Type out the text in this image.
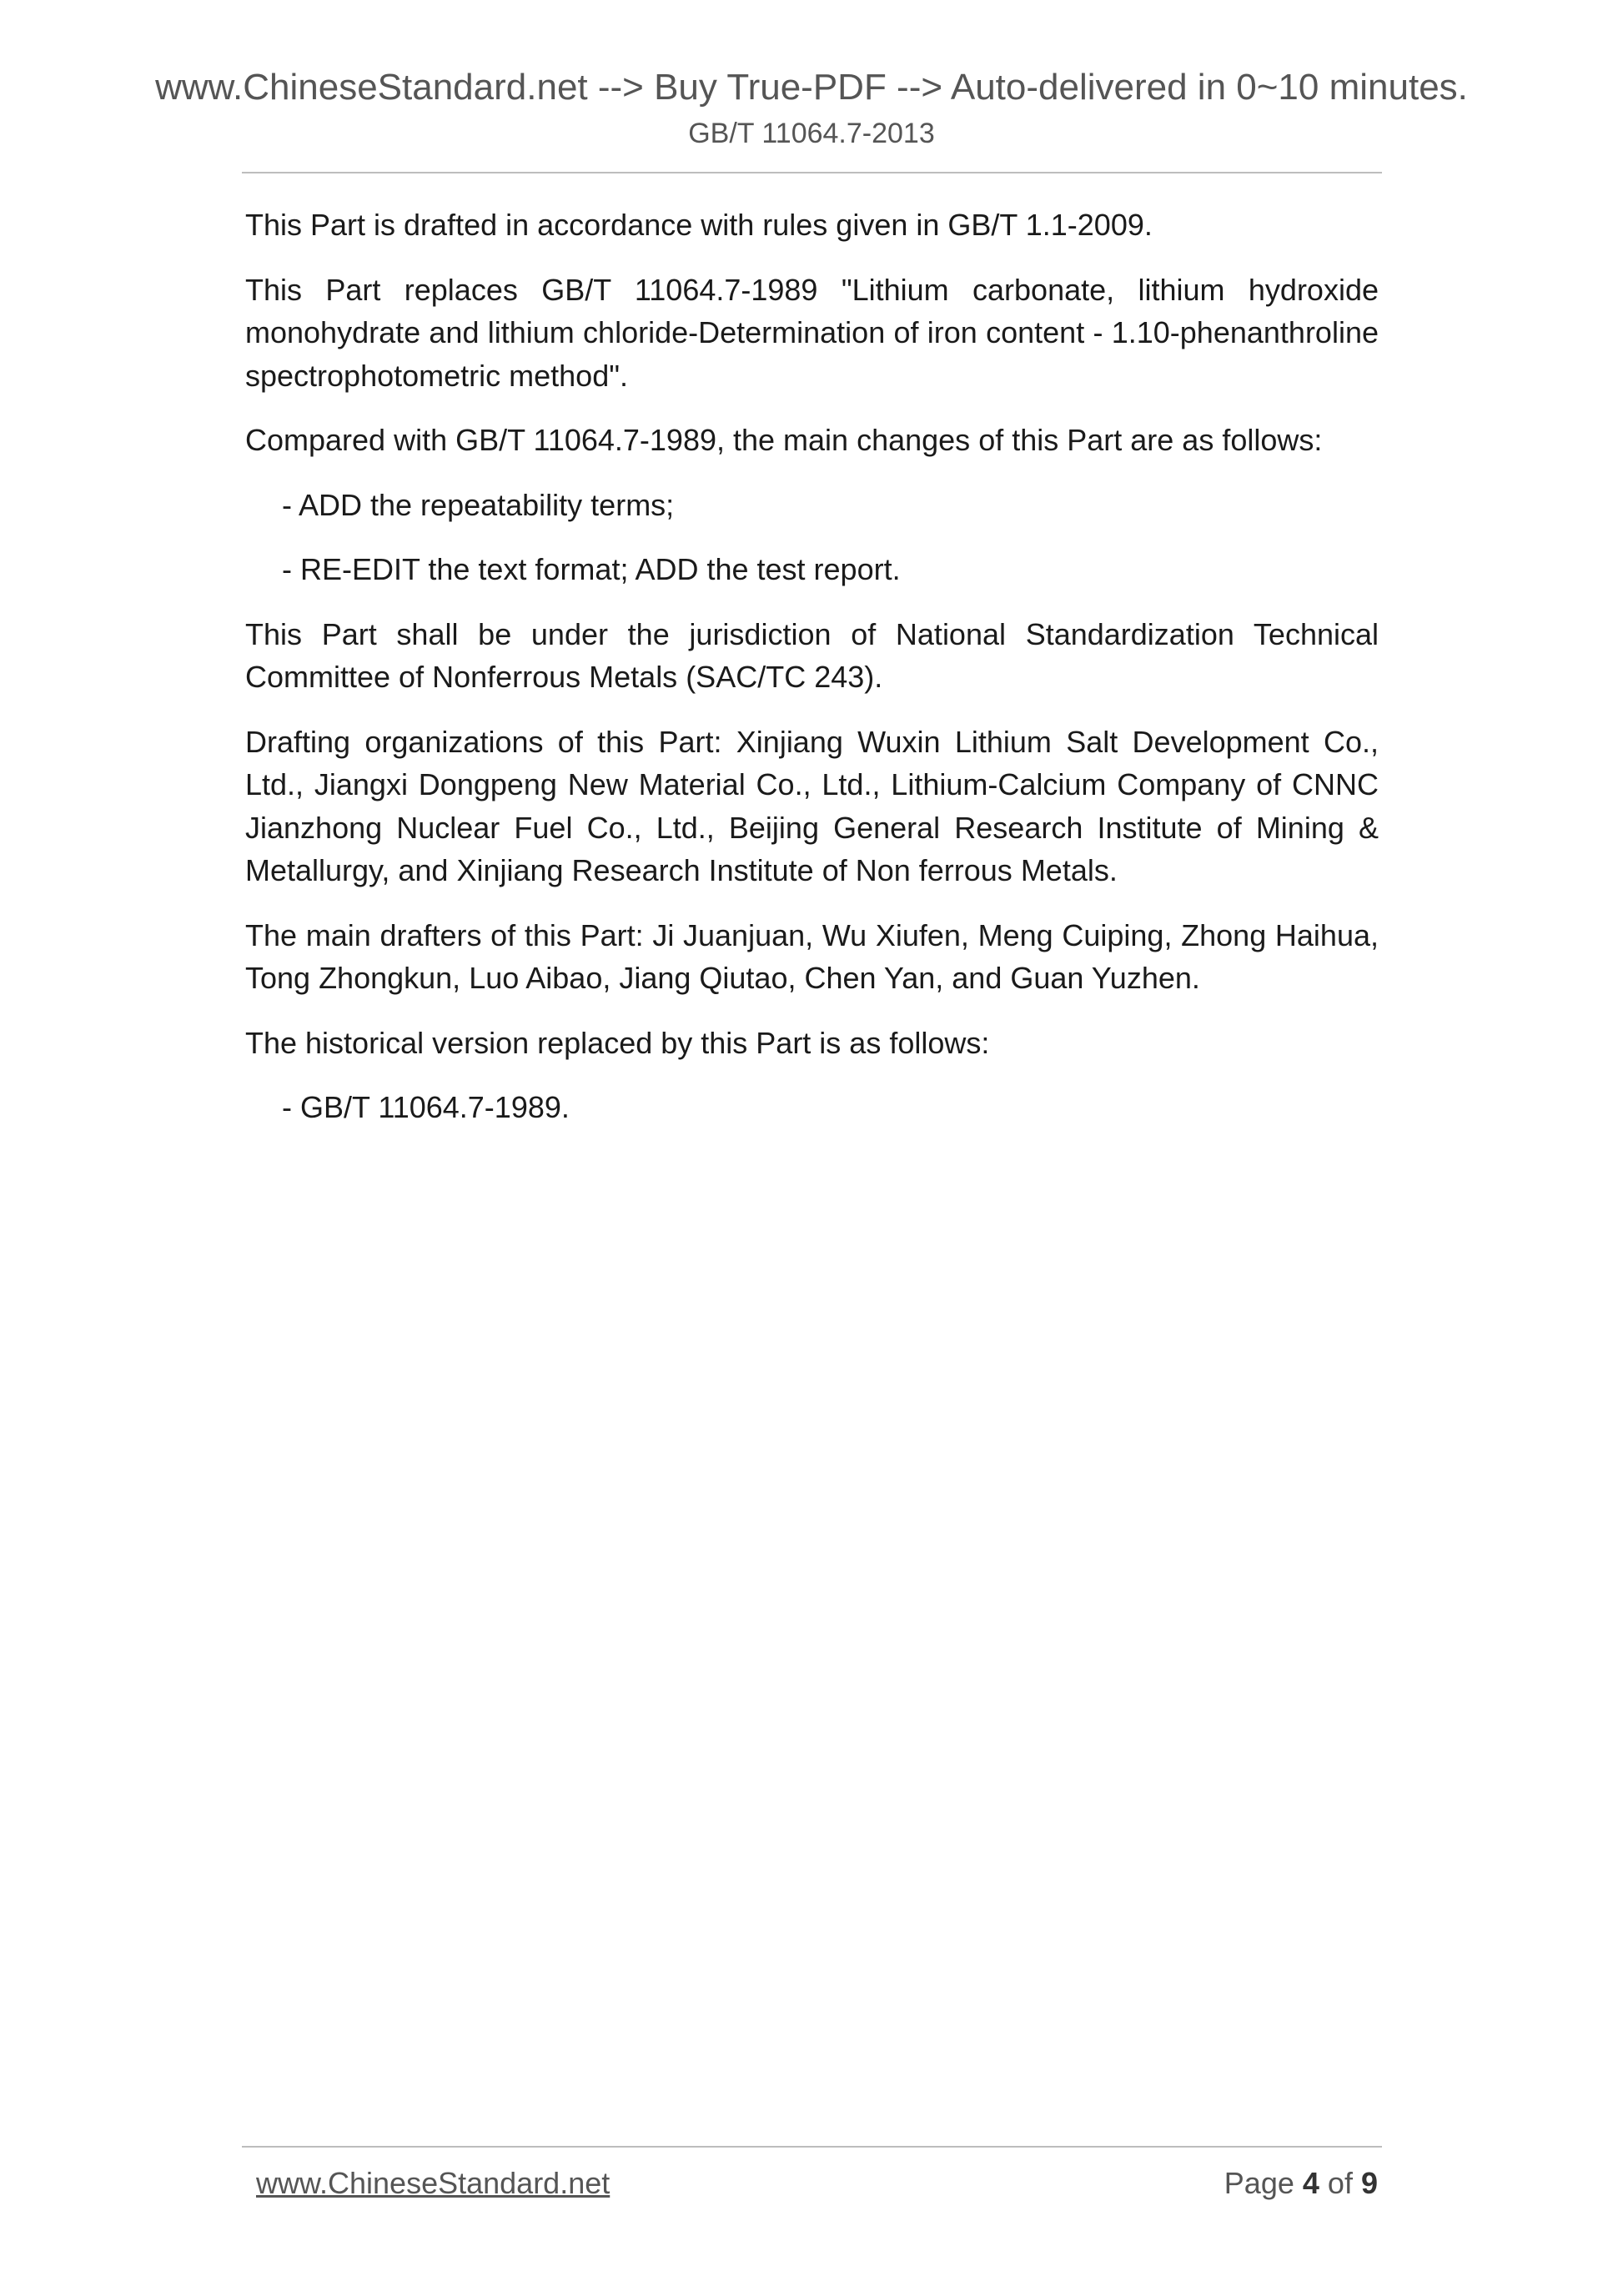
www.ChineseStandard.net --> Buy True-PDF --> Auto-delivered in 0~10 minutes.
GB/T 11064.7-2013

This Part is drafted in accordance with rules given in GB/T 1.1-2009.

This Part replaces GB/T 11064.7-1989 "Lithium carbonate, lithium hydroxide monohydrate and lithium chloride-Determination of iron content - 1.10-phenanthroline spectrophotometric method".

Compared with GB/T 11064.7-1989, the main changes of this Part are as follows:

- ADD the repeatability terms;

- RE-EDIT the text format; ADD the test report.

This Part shall be under the jurisdiction of National Standardization Technical Committee of Nonferrous Metals (SAC/TC 243).

Drafting organizations of this Part: Xinjiang Wuxin Lithium Salt Development Co., Ltd., Jiangxi Dongpeng New Material Co., Ltd., Lithium-Calcium Company of CNNC Jianzhong Nuclear Fuel Co., Ltd., Beijing General Research Institute of Mining & Metallurgy, and Xinjiang Research Institute of Non ferrous Metals.

The main drafters of this Part: Ji Juanjuan, Wu Xiufen, Meng Cuiping, Zhong Haihua, Tong Zhongkun, Luo Aibao, Jiang Qiutao, Chen Yan, and Guan Yuzhen.

The historical version replaced by this Part is as follows:

- GB/T 11064.7-1989.

www.ChineseStandard.net	Page 4 of 9
